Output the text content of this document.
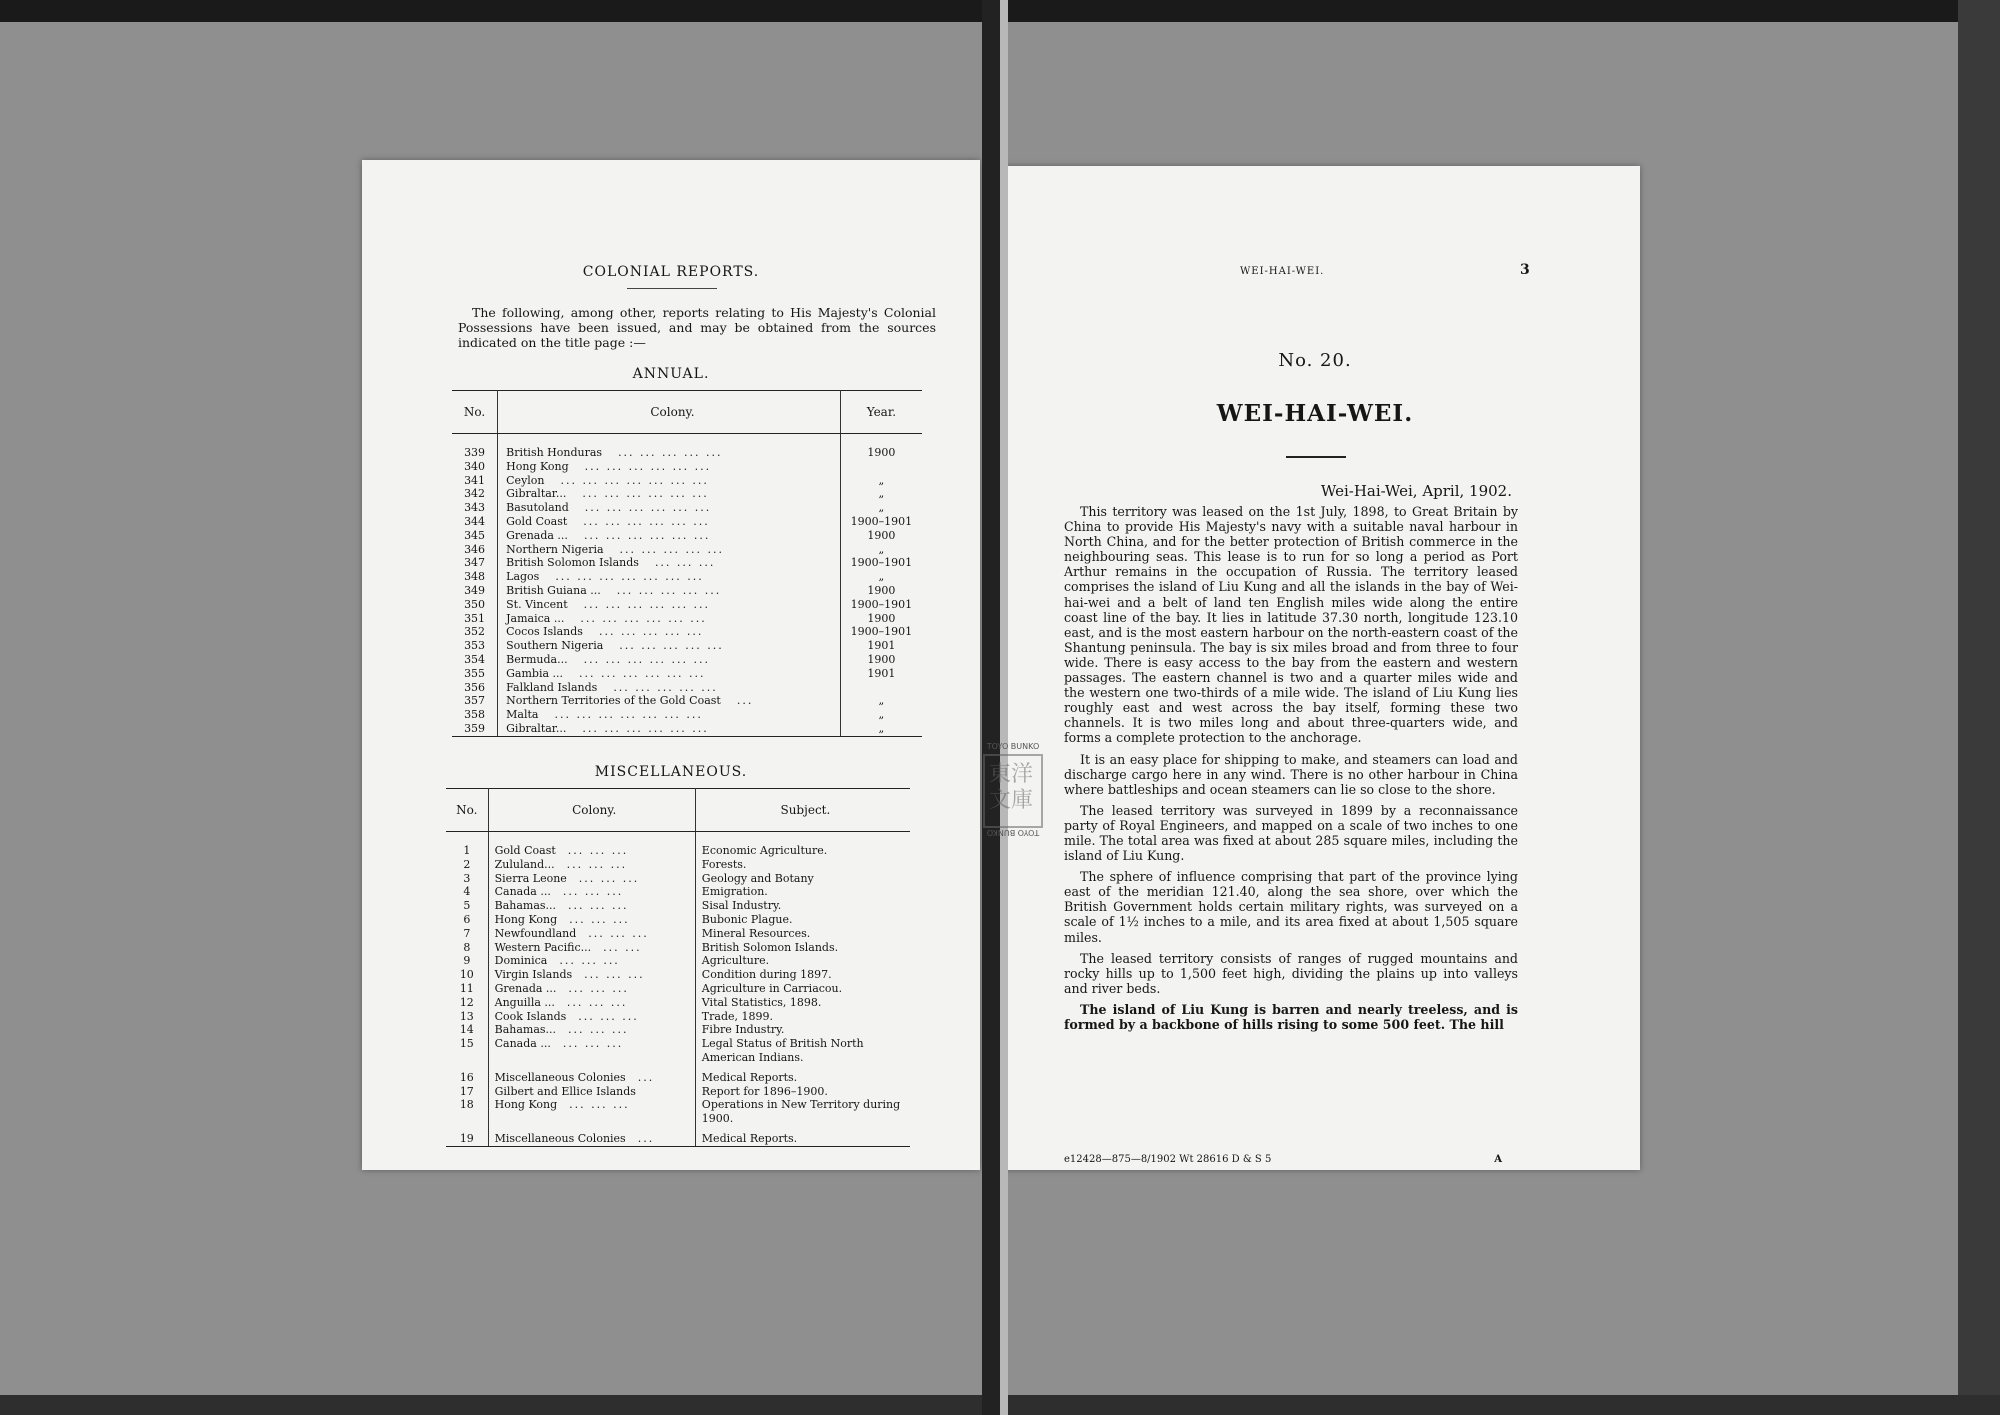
COLONIAL REPORTS.
The following, among other, reports relating to His Majesty's Colonial Possessions have been issued, and may be obtained from the sources indicated on the title page :—
ANNUAL.
No.	Colony.	Year.

339	British Honduras ... ... ... ... ...	1900
340	Hong Kong ... ... ... ... ... ...	
341	Ceylon ... ... ... ... ... ... ...	„
342	Gibraltar... ... ... ... ... ... ...	„
343	Basutoland ... ... ... ... ... ...	„
344	Gold Coast ... ... ... ... ... ...	1900–1901
345	Grenada ... ... ... ... ... ... ...	1900
346	Northern Nigeria ... ... ... ... ...	„
347	British Solomon Islands ... ... ...	1900–1901
348	Lagos ... ... ... ... ... ... ...	„
349	British Guiana ... ... ... ... ... ...	1900
350	St. Vincent ... ... ... ... ... ...	1900–1901
351	Jamaica ... ... ... ... ... ... ...	1900
352	Cocos Islands ... ... ... ... ...	1900–1901
353	Southern Nigeria ... ... ... ... ...	1901
354	Bermuda... ... ... ... ... ... ...	1900
355	Gambia ... ... ... ... ... ... ...	1901
356	Falkland Islands ... ... ... ... ...	
357	Northern Territories of the Gold Coast ...	„
358	Malta ... ... ... ... ... ... ...	„
359	Gibraltar... ... ... ... ... ... ...	„
MISCELLANEOUS.
No.	Colony.	Subject.

1	Gold Coast ... ... ...	Economic Agriculture.
2	Zululand... ... ... ...	Forests.
3	Sierra Leone ... ... ...	Geology and Botany
4	Canada ... ... ... ...	Emigration.
5	Bahamas... ... ... ...	Sisal Industry.
6	Hong Kong ... ... ...	Bubonic Plague.
7	Newfoundland ... ... ...	Mineral Resources.
8	Western Pacific... ... ...	British Solomon Islands.
9	Dominica ... ... ...	Agriculture.
10	Virgin Islands ... ... ...	Condition during 1897.
11	Grenada ... ... ... ...	Agriculture in Carriacou.
12	Anguilla ... ... ... ...	Vital Statistics, 1898.
13	Cook Islands ... ... ...	Trade, 1899.
14	Bahamas... ... ... ...	Fibre Industry.
15	Canada ... ... ... ...	Legal Status of British North American Indians.
16	Miscellaneous Colonies ...	Medical Reports.
17	Gilbert and Ellice Islands	Report for 1896–1900.
18	Hong Kong ... ... ...	Operations in New Territory during 1900.
19	Miscellaneous Colonies ...	Medical Reports.
WEI-HAI-WEI.	3
No. 20.
WEI-HAI-WEI.
Wei-Hai-Wei, April, 1902.

This territory was leased on the 1st July, 1898, to Great Britain by China to provide His Majesty's navy with a suitable naval harbour in North China, and for the better protection of British commerce in the neighbouring seas. This lease is to run for so long a period as Port Arthur remains in the occupation of Russia. The territory leased comprises the island of Liu Kung and all the islands in the bay of Wei-hai-wei and a belt of land ten English miles wide along the entire coast line of the bay. It lies in latitude 37.30 north, longitude 123.10 east, and is the most eastern harbour on the north-eastern coast of the Shantung peninsula. The bay is six miles broad and from three to four wide. There is easy access to the bay from the eastern and western passages. The eastern channel is two and a quarter miles wide and the western one two-thirds of a mile wide. The island of Liu Kung lies roughly east and west across the bay itself, forming these two channels. It is two miles long and about three-quarters wide, and forms a complete protection to the anchorage.

It is an easy place for shipping to make, and steamers can load and discharge cargo here in any wind. There is no other harbour in China where battleships and ocean steamers can lie so close to the shore.

The leased territory was surveyed in 1899 by a reconnaissance party of Royal Engineers, and mapped on a scale of two inches to one mile. The total area was fixed at about 285 square miles, including the island of Liu Kung.

The sphere of influence comprising that part of the province lying east of the meridian 121.40, along the sea shore, over which the British Government holds certain military rights, was surveyed on a scale of 1½ inches to a mile, and its area fixed at about 1,505 square miles.

The leased territory consists of ranges of rugged mountains and rocky hills up to 1,500 feet high, dividing the plains up into valleys and river beds.

The island of Liu Kung is barren and nearly treeless, and is formed by a backbone of hills rising to some 500 feet. The hill

e12428—875—8/1902 Wt 28616 D & S 5	A
TOYO BUNKO
東洋文庫
TOYO BUNKO
